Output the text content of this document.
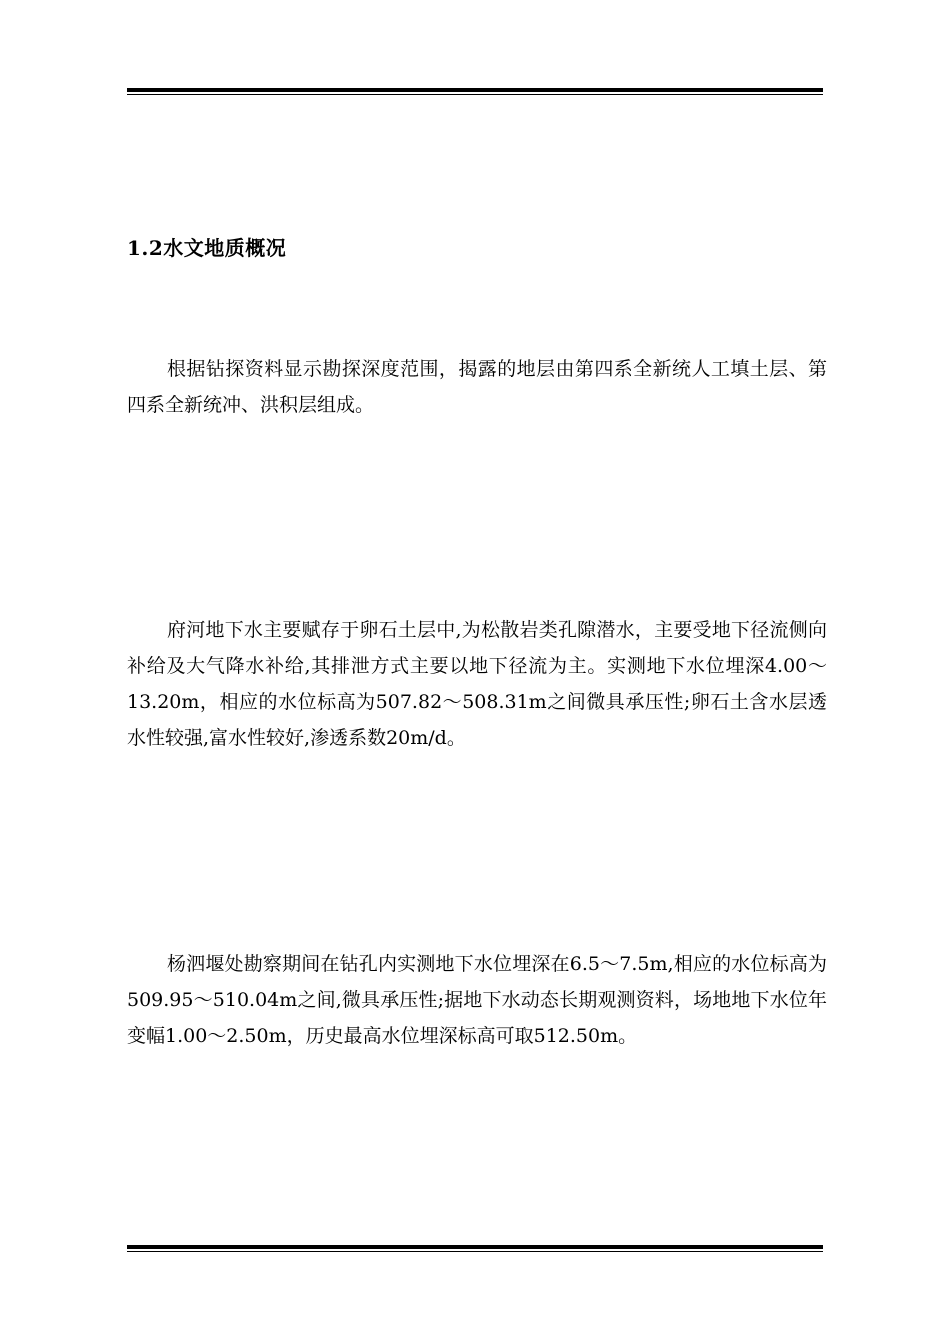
1.2水文地质概况

根据钻探资料显示勘探深度范围，揭露的地层由第四系全新统人工填土层、第四系全新统冲、洪积层组成。

府河地下水主要赋存于卵石土层中,为松散岩类孔隙潜水，主要受地下径流侧向补给及大气降水补给,其排泄方式主要以地下径流为主。实测地下水位埋深4.00～13.20m，相应的水位标高为507.82～508.31m之间微具承压性;卵石土含水层透水性较强,富水性较好,渗透系数20m/d。

杨泗堰处勘察期间在钻孔内实测地下水位埋深在6.5～7.5m,相应的水位标高为509.95～510.04m之间,微具承压性;据地下水动态长期观测资料，场地地下水位年变幅1.00～2.50m，历史最高水位埋深标高可取512.50m。
